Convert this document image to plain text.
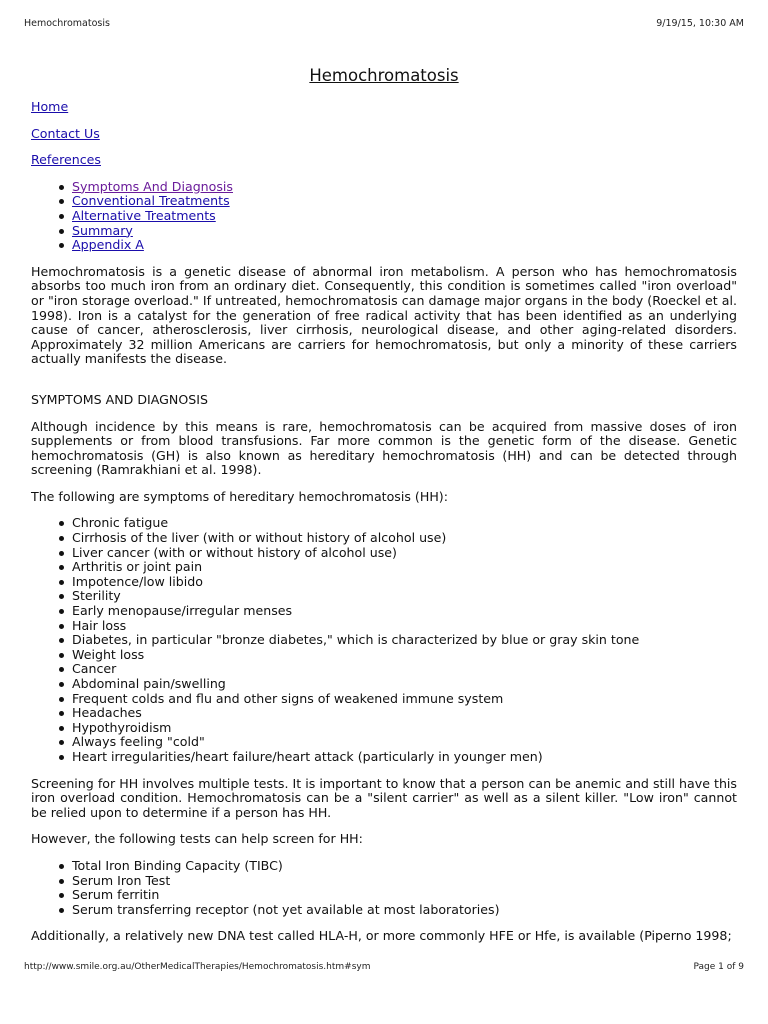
Hemochromatosis	9/19/15, 10:30 AM
Hemochromatosis
Home
Contact Us
References
Symptoms And Diagnosis
Conventional Treatments
Alternative Treatments
Summary
Appendix A

Hemochromatosis is a genetic disease of abnormal iron metabolism. A person who has hemochromatosis absorbs too much iron from an ordinary diet. Consequently, this condition is sometimes called "iron overload" or "iron storage overload." If untreated, hemochromatosis can damage major organs in the body (Roeckel et al. 1998). Iron is a catalyst for the generation of free radical activity that has been identified as an underlying cause of cancer, atherosclerosis, liver cirrhosis, neurological disease, and other aging-related disorders. Approximately 32 million Americans are carriers for hemochromatosis, but only a minority of these carriers actually manifests the disease.

SYMPTOMS AND DIAGNOSIS

Although incidence by this means is rare, hemochromatosis can be acquired from massive doses of iron supplements or from blood transfusions. Far more common is the genetic form of the disease. Genetic hemochromatosis (GH) is also known as hereditary hemochromatosis (HH) and can be detected through screening (Ramrakhiani et al. 1998).

The following are symptoms of hereditary hemochromatosis (HH):

Chronic fatigue
Cirrhosis of the liver (with or without history of alcohol use)
Liver cancer (with or without history of alcohol use)
Arthritis or joint pain
Impotence/low libido
Sterility
Early menopause/irregular menses
Hair loss
Diabetes, in particular "bronze diabetes," which is characterized by blue or gray skin tone
Weight loss
Cancer
Abdominal pain/swelling
Frequent colds and flu and other signs of weakened immune system
Headaches
Hypothyroidism
Always feeling "cold"
Heart irregularities/heart failure/heart attack (particularly in younger men)

Screening for HH involves multiple tests. It is important to know that a person can be anemic and still have this iron overload condition. Hemochromatosis can be a "silent carrier" as well as a silent killer. "Low iron" cannot be relied upon to determine if a person has HH.

However, the following tests can help screen for HH:

Total Iron Binding Capacity (TIBC)
Serum Iron Test
Serum ferritin
Serum transferring receptor (not yet available at most laboratories)

Additionally, a relatively new DNA test called HLA-H, or more commonly HFE or Hfe, is available (Piperno 1998;

http://www.smile.org.au/OtherMedicalTherapies/Hemochromatosis.htm#sym	Page 1 of 9
